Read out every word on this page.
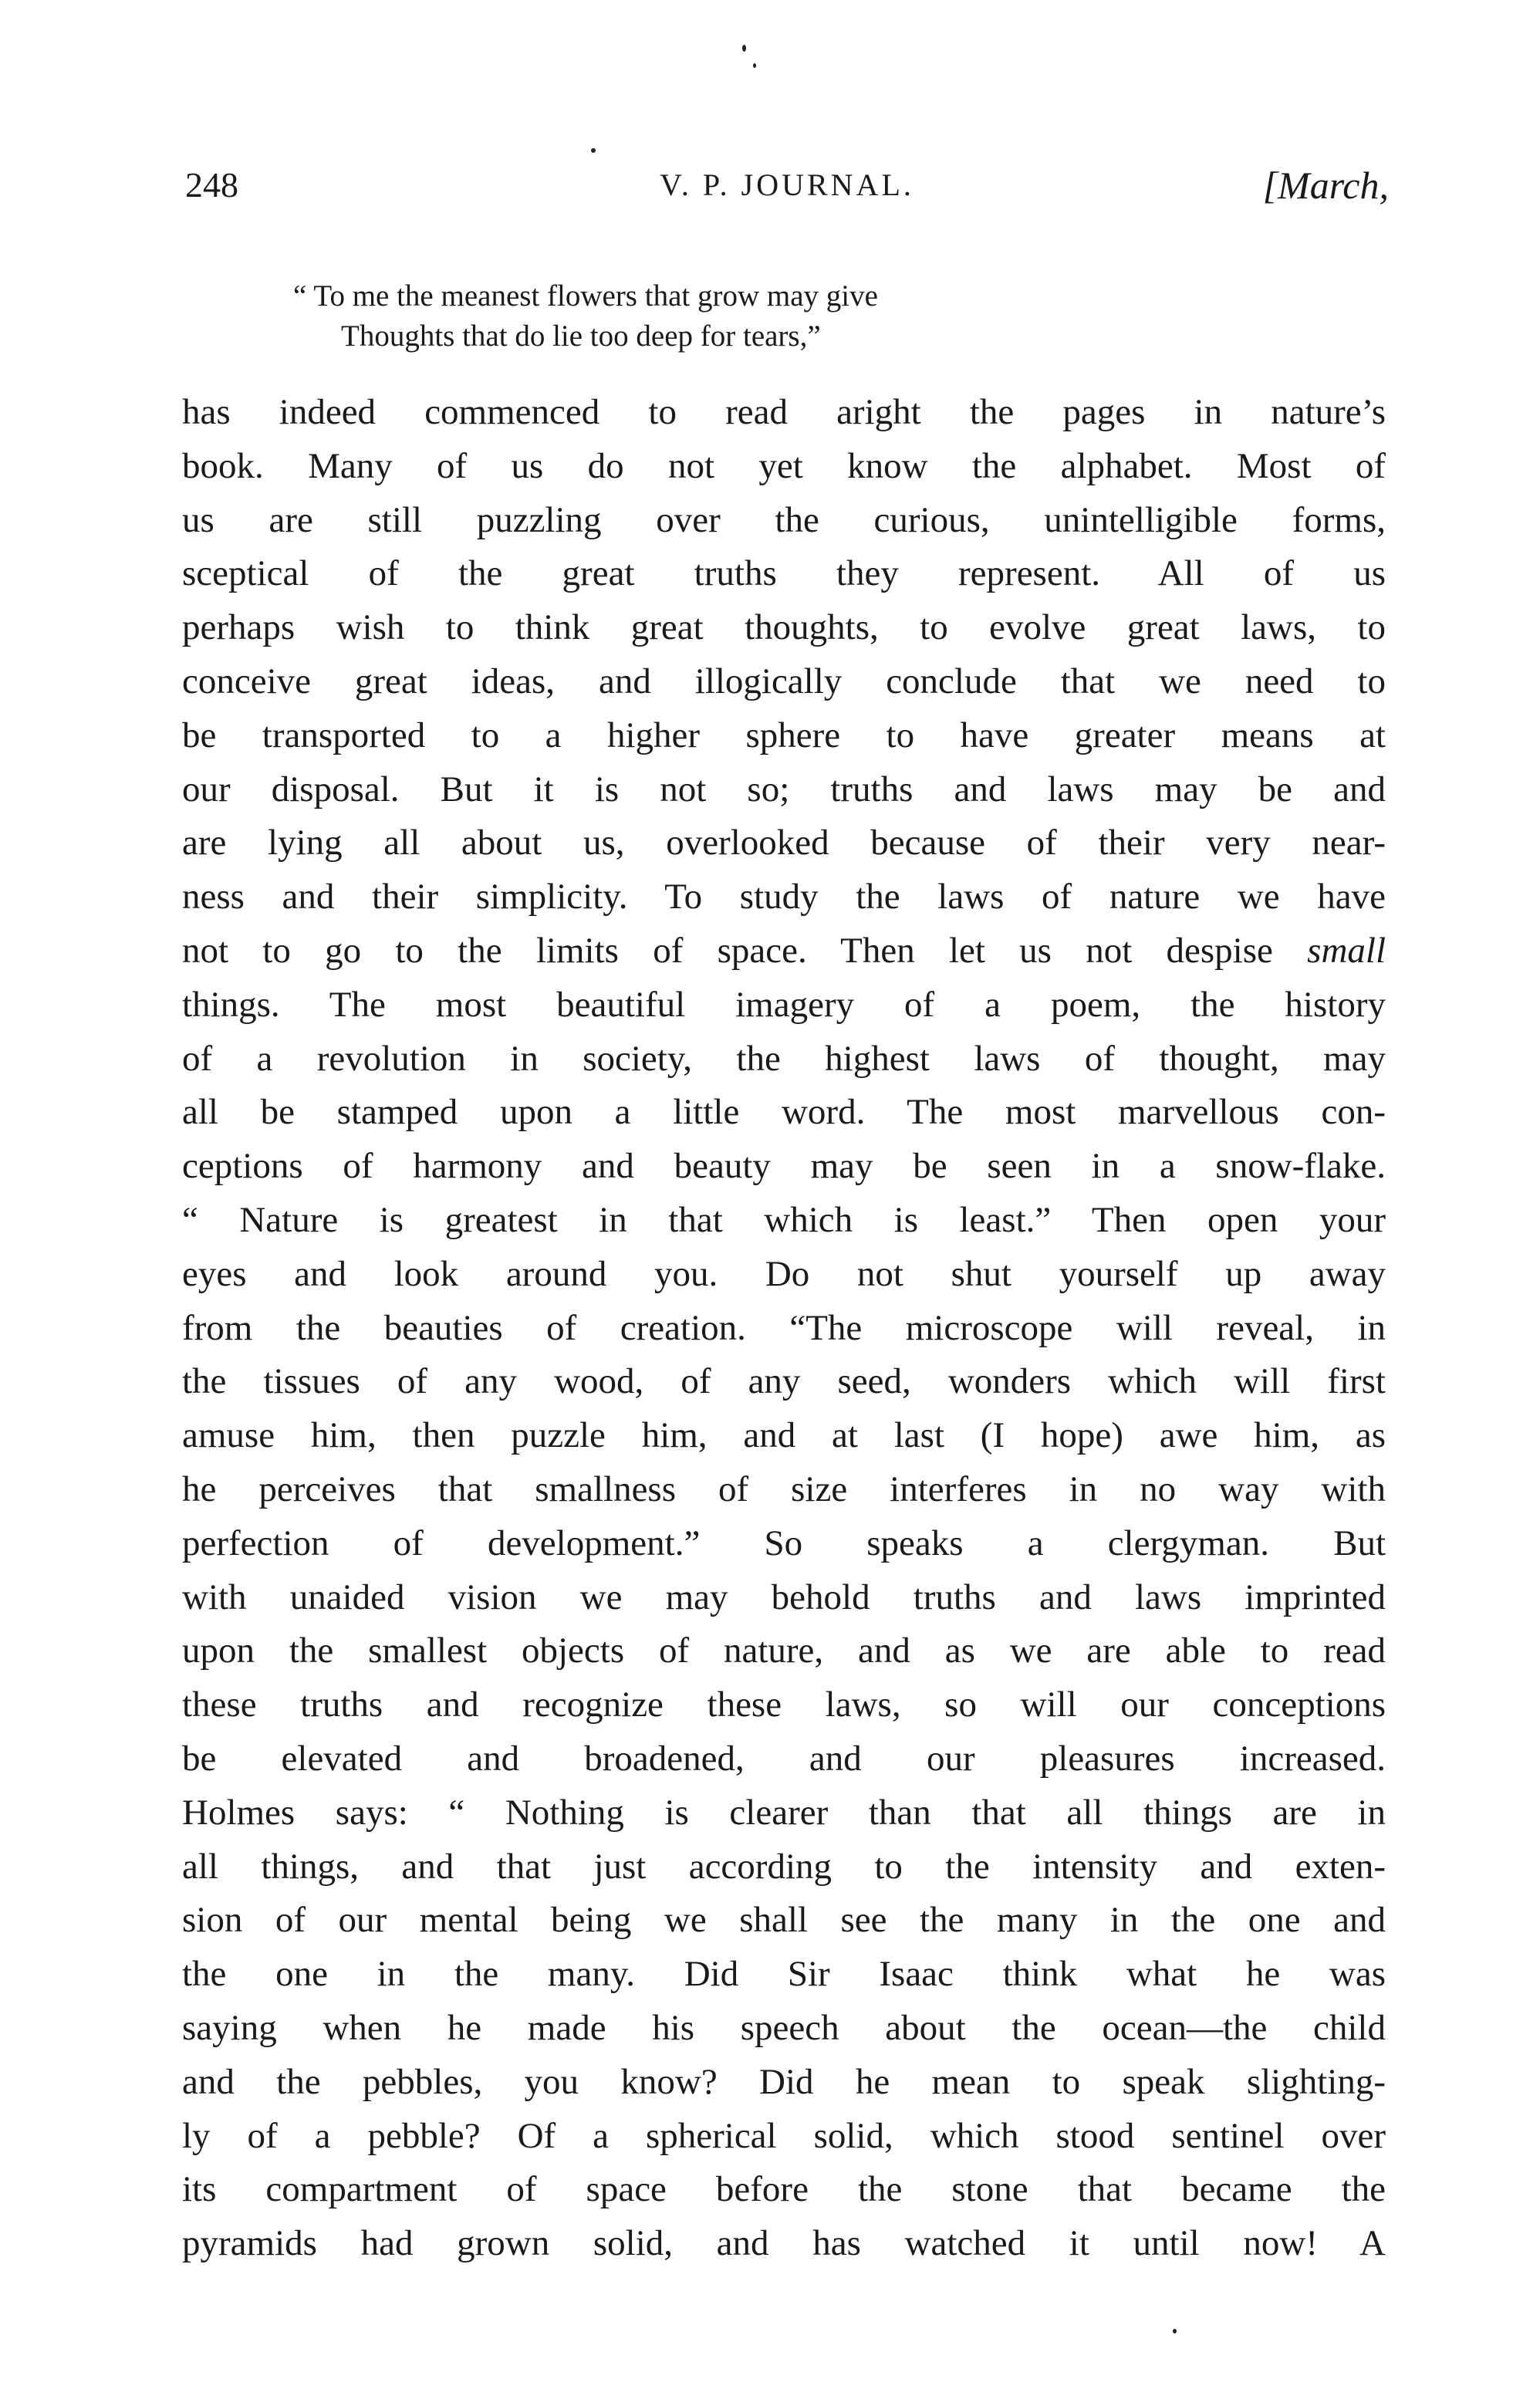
248	V. P. JOURNAL.	[March,
“ To me the meanest flowers that grow may give
Thoughts that do lie too deep for tears,”
has indeed commenced to read aright the pages in nature’s
book. Many of us do not yet know the alphabet. Most of
us are still puzzling over the curious, unintelligible forms,
sceptical of the great truths they represent. All of us
perhaps wish to think great thoughts, to evolve great laws, to
conceive great ideas, and illogically conclude that we need to
be transported to a higher sphere to have greater means at
our disposal. But it is not so; truths and laws may be and
are lying all about us, overlooked because of their very near-
ness and their simplicity. To study the laws of nature we have
not to go to the limits of space. Then let us not despise small
things. The most beautiful imagery of a poem, the history
of a revolution in society, the highest laws of thought, may
all be stamped upon a little word. The most marvellous con-
ceptions of harmony and beauty may be seen in a snow-flake.
“ Nature is greatest in that which is least.” Then open your
eyes and look around you. Do not shut yourself up away
from the beauties of creation. “The microscope will reveal, in
the tissues of any wood, of any seed, wonders which will first
amuse him, then puzzle him, and at last (I hope) awe him, as
he perceives that smallness of size interferes in no way with
perfection of development.” So speaks a clergyman. But
with unaided vision we may behold truths and laws imprinted
upon the smallest objects of nature, and as we are able to read
these truths and recognize these laws, so will our conceptions
be elevated and broadened, and our pleasures increased.
Holmes says: “ Nothing is clearer than that all things are in
all things, and that just according to the intensity and exten-
sion of our mental being we shall see the many in the one and
the one in the many. Did Sir Isaac think what he was
saying when he made his speech about the ocean—the child
and the pebbles, you know? Did he mean to speak slighting-
ly of a pebble? Of a spherical solid, which stood sentinel over
its compartment of space before the stone that became the
pyramids had grown solid, and has watched it until now! A
